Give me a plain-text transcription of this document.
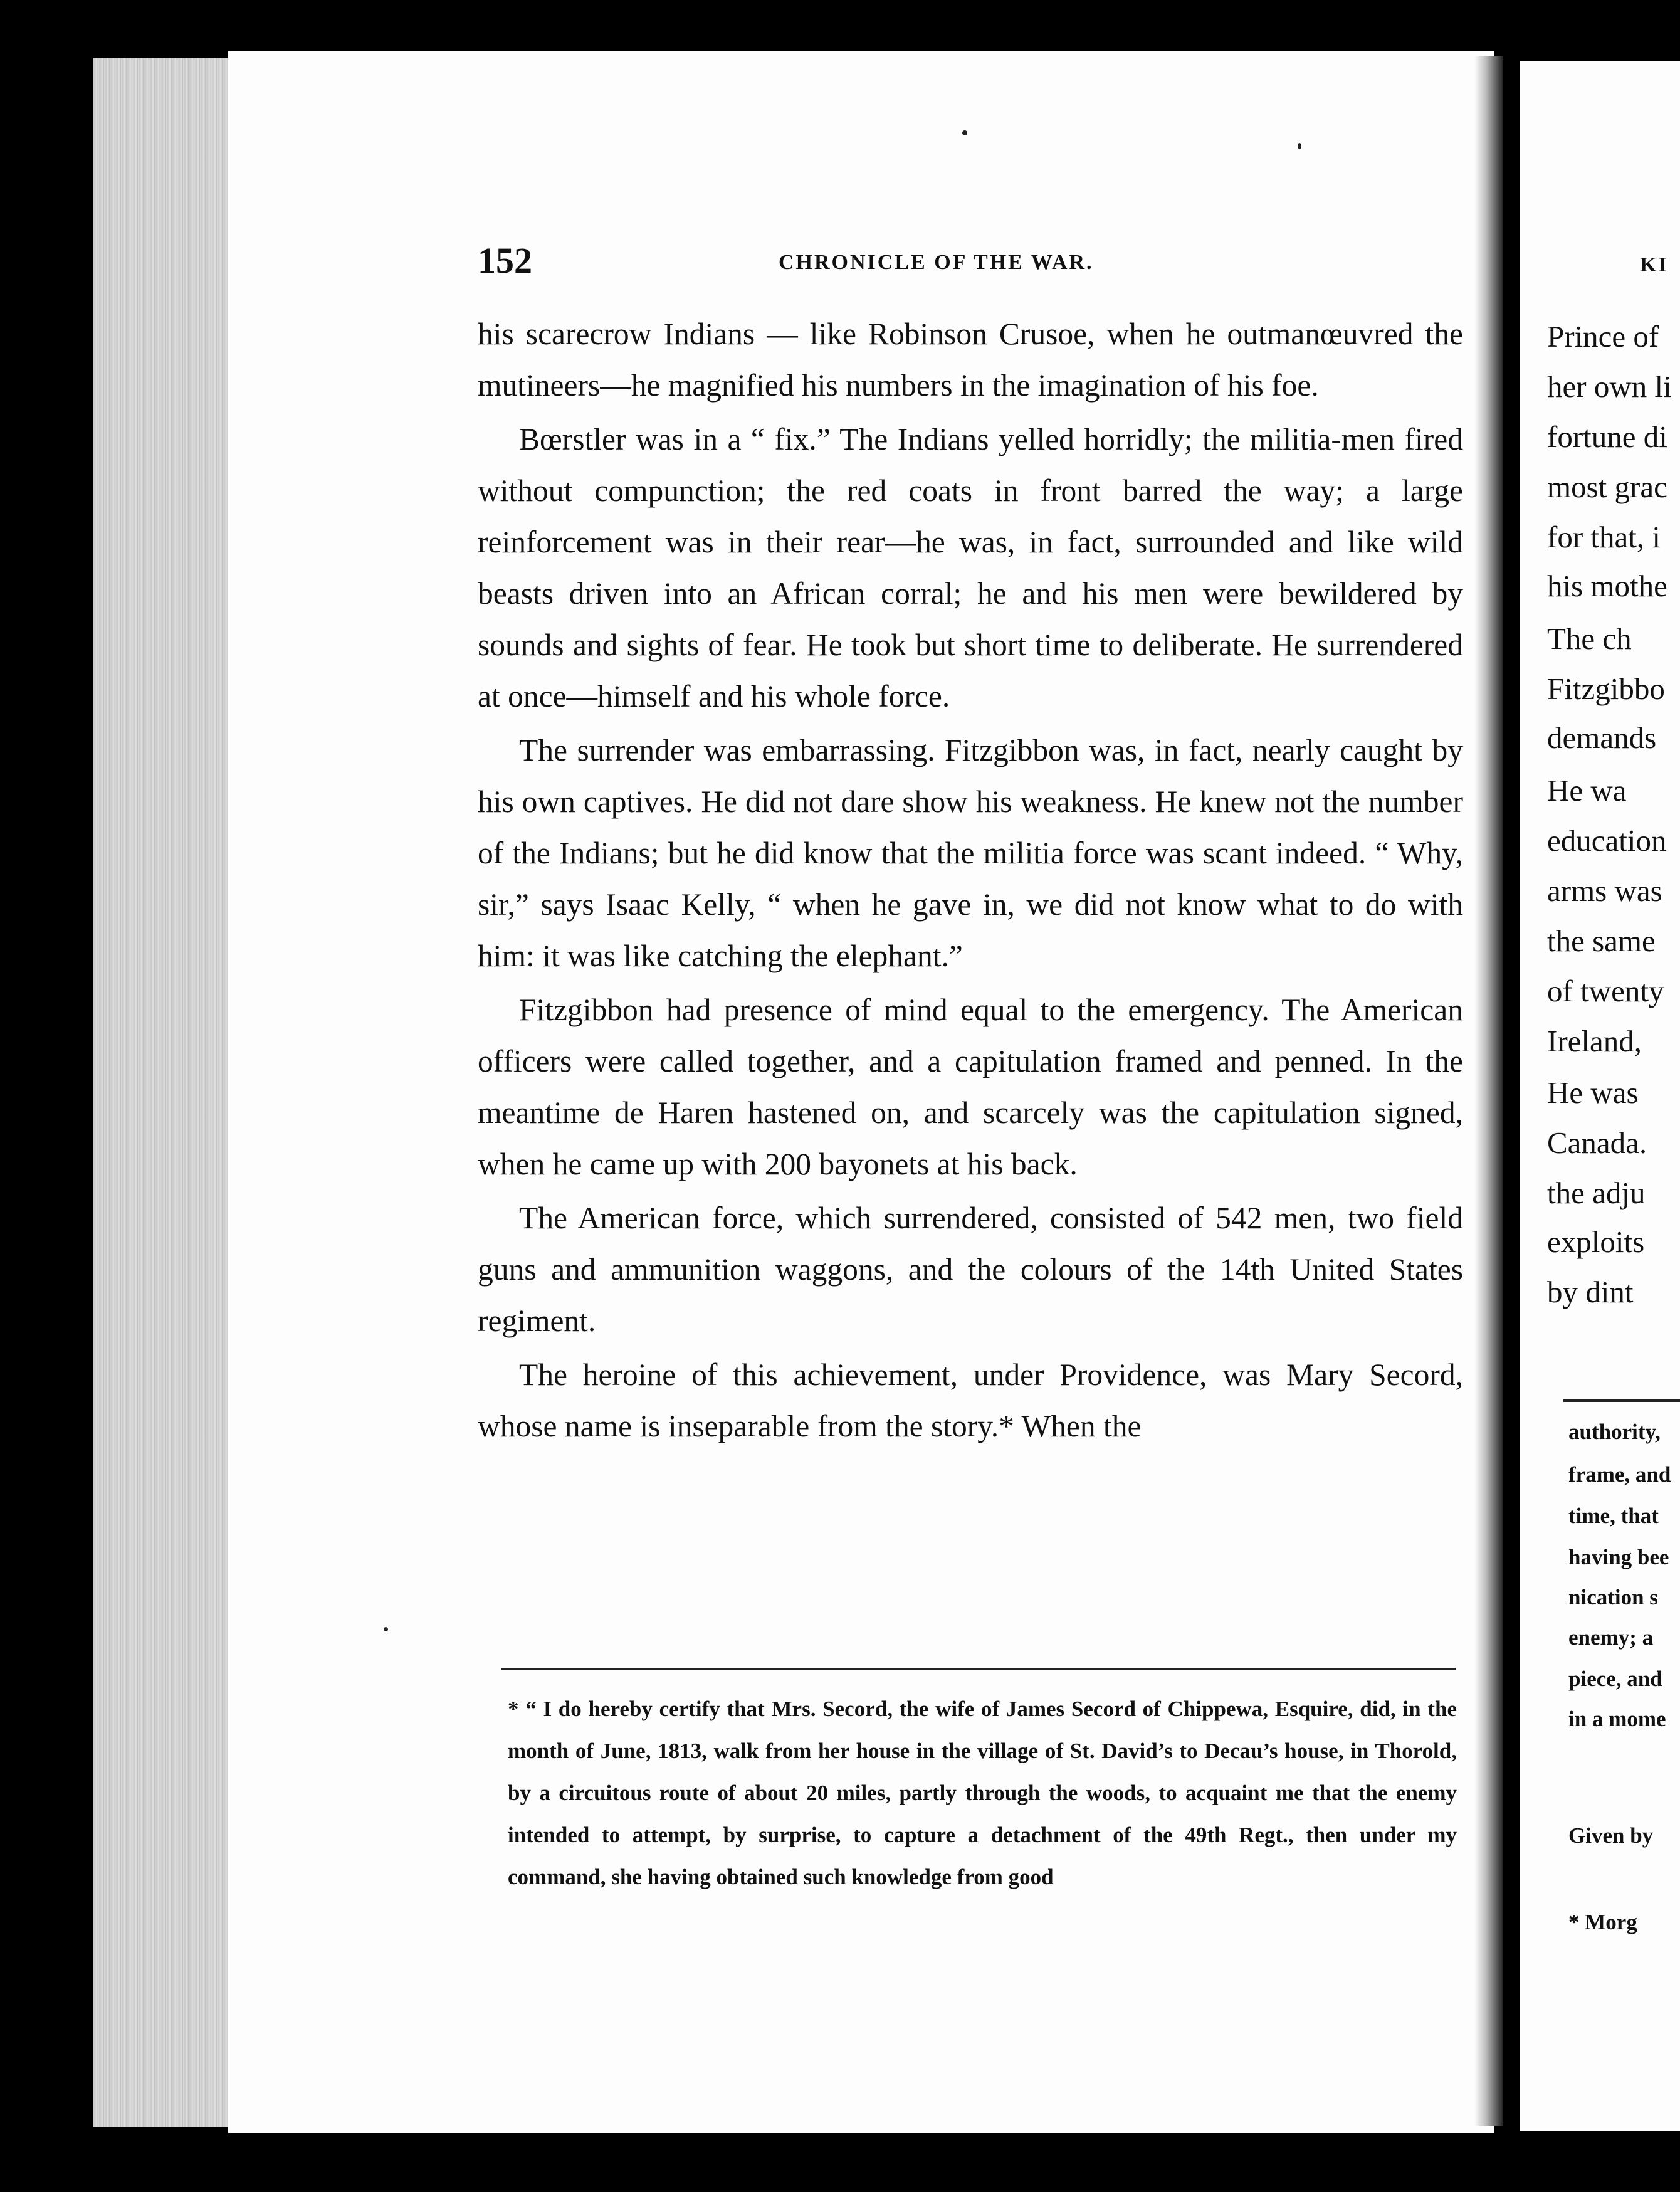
152	CHRONICLE OF THE WAR.

his scarecrow Indians — like Robinson Crusoe, when he outmanœuvred the mutineers—he magnified his numbers in the imagination of his foe.

Bœrstler was in a “ fix.” The Indians yelled horridly; the militia-men fired without compunction; the red coats in front barred the way; a large reinforcement was in their rear—he was, in fact, surrounded and like wild beasts driven into an African corral; he and his men were bewildered by sounds and sights of fear. He took but short time to deliberate. He surrendered at once—himself and his whole force.

The surrender was embarrassing. Fitzgibbon was, in fact, nearly caught by his own captives. He did not dare show his weakness. He knew not the number of the Indians; but he did know that the militia force was scant indeed. “ Why, sir,” says Isaac Kelly, “ when he gave in, we did not know what to do with him: it was like catching the elephant.”

Fitzgibbon had presence of mind equal to the emergency. The American officers were called together, and a capitulation framed and penned. In the meantime de Haren hastened on, and scarcely was the capitulation signed, when he came up with 200 bayonets at his back.

The American force, which surrendered, consisted of 542 men, two field guns and ammunition waggons, and the colours of the 14th United States regiment.

The heroine of this achievement, under Providence, was Mary Secord, whose name is inseparable from the story.* When the

* “ I do hereby certify that Mrs. Secord, the wife of James Secord of Chippewa, Esquire, did, in the month of June, 1813, walk from her house in the village of St. David’s to Decau’s house, in Thorold, by a circuitous route of about 20 miles, partly through the woods, to acquaint me that the enemy intended to attempt, by surprise, to capture a detachment of the 49th Regt., then under my command, she having obtained such knowledge from good
KI
Prince of
her own li
fortune di
most grac
for that, i
his mothe
The ch
Fitzgibbo
demands
He wa
education
arms was
the same
of twenty
Ireland,
He was
Canada.
the adju
exploits
by dint
authority,
frame, and
time, that
having bee
nication s
enemy; a
piece, and
in a mome
Given by
* Morg
